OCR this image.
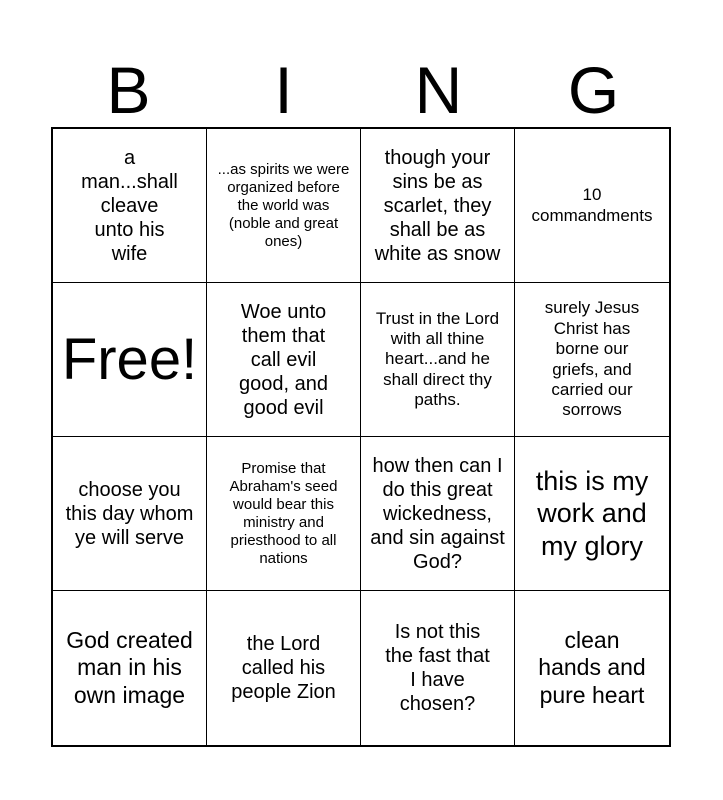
B	I	N	G
a man...shall cleave unto his wife
...as spirits we were organized before the world was (noble and great ones)
though your sins be as scarlet, they shall be as white as snow
10 commandments
Free!
Woe unto them that call evil good, and good evil
Trust in the Lord with all thine heart...and he shall direct thy paths.
surely Jesus Christ has borne our griefs, and carried our sorrows
choose you this day whom ye will serve
Promise that Abraham's seed would bear this ministry and priesthood to all nations
how then can I do this great wickedness, and sin against God?
this is my work and my glory
God created man in his own image
the Lord called his people Zion
Is not this the fast that I have chosen?
clean hands and pure heart
